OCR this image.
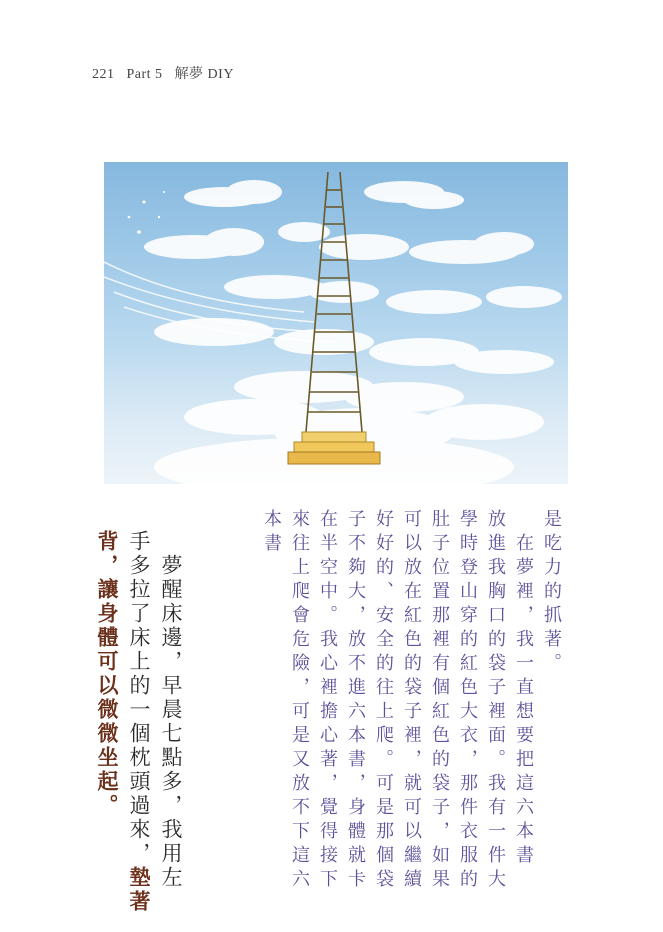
221 Part 5 解夢 DIY
是吃力的抓著。
　在夢裡，我一直想要把這六本書
放進我胸口的袋子裡面。我有一件大
學時登山穿的紅色大衣，那件衣服的
肚子位置那裡有個紅色的袋子，如果
可以放在紅色的袋子裡，就可以繼續
好好的、安全的往上爬。可是那個袋
子不夠大，放不進六本書，身體就卡
在半空中。我心裡擔心著，覺得接下
來往上爬會危險，可是又放不下這六
本書
　夢醒床邊，早晨七點多，我用左
手多拉了床上的一個枕頭過來，墊著
背，讓身體可以微微坐起。
